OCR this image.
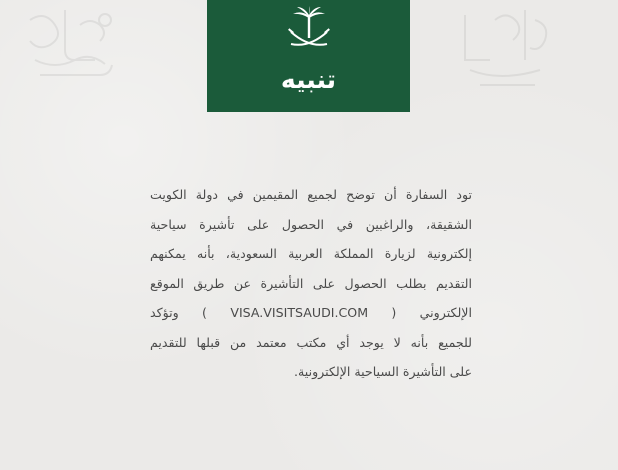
تنبيه
تود السفارة أن توضح لجميع المقيمين في دولة الكويت
الشقيقة، والراغبين في الحصول على تأشيرة سياحية
إلكترونية لزيارة المملكة العربية السعودية، بأنه يمكنهم
التقديم بطلب الحصول على التأشيرة عن طريق الموقع
الإلكتروني ( VISA.VISITSAUDI.COM ) وتؤكد
للجميع بأنه لا يوجد أي مكتب معتمد من قبلها للتقديم
على التأشيرة السياحية الإلكترونية.
